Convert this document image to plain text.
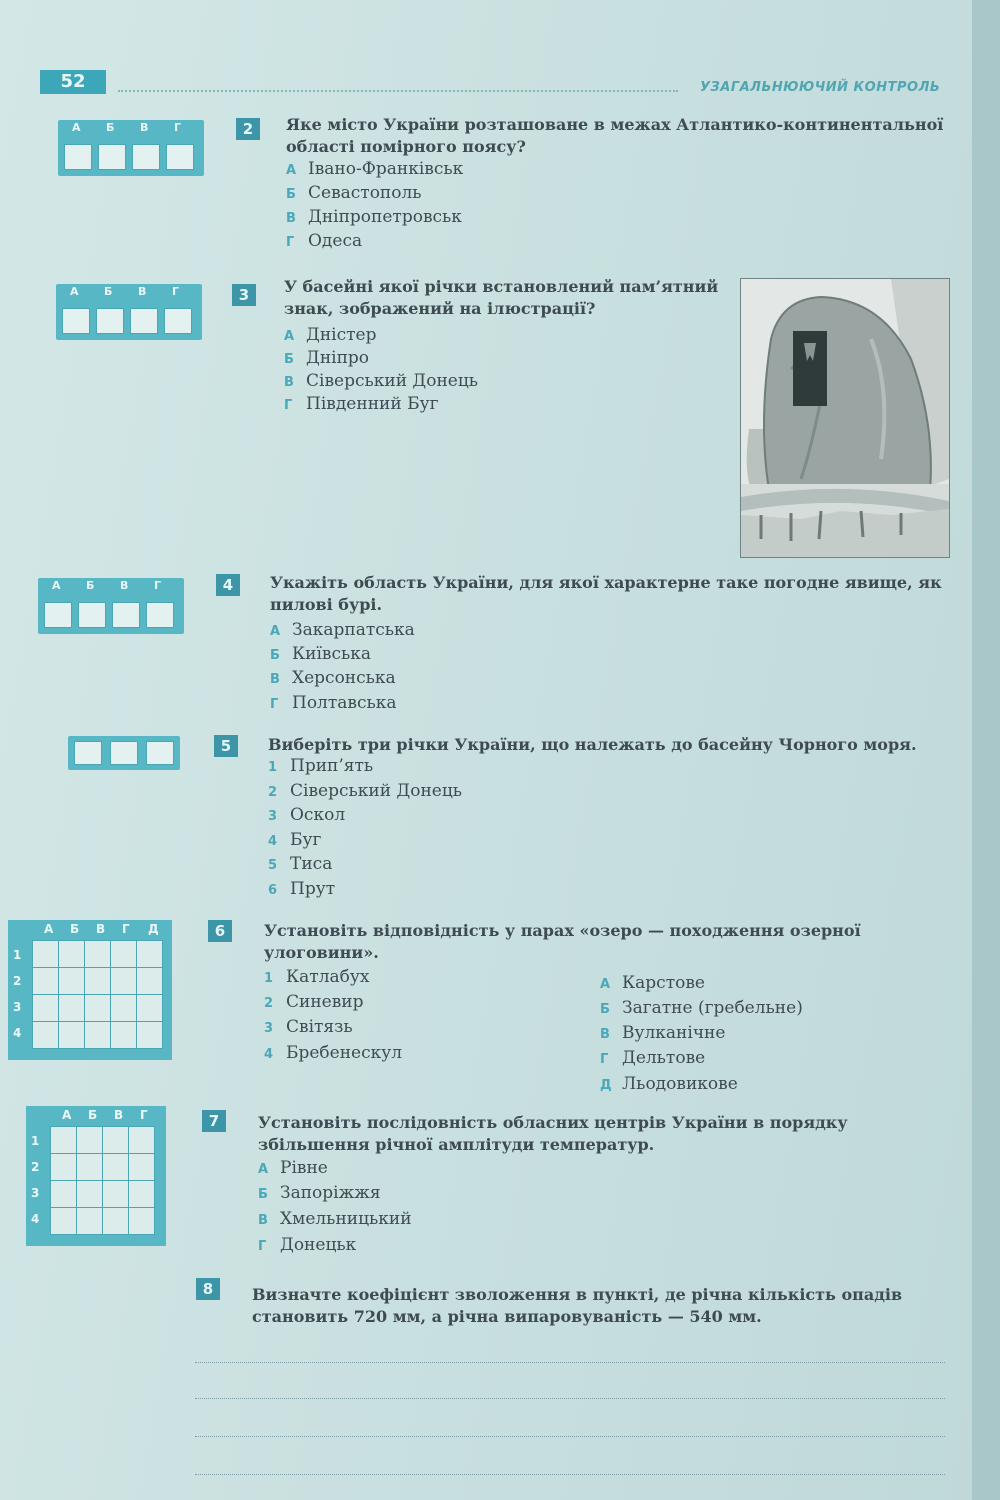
52	УЗАГАЛЬНЮЮЧИЙ КОНТРОЛЬ
А Б В Г	2	Яке місто України розташоване в межах Атлантико-континентальної області помірного поясу?
А Івано-Франківськ
Б Севастополь
В Дніпропетровськ
Г Одеса
А Б В Г	3	У басейні якої річки встановлений пам’ятний знак, зображений на ілюстрації?
А Дністер
Б Дніпро
В Сіверський Донець
Г Південний Буг
А Б В Г	4	Укажіть область України, для якої характерне таке погодне явище, як пилові бурі.
А Закарпатська
Б Київська
В Херсонська
Г Полтавська
5	Виберіть три річки України, що належать до басейну Чорного моря.
1 Прип’ять
2 Сіверський Донець
3 Оскол
4 Буг
5 Тиса
6 Прут
А Б В Г Д
1
2
3
4
6	Установіть відповідність у парах «озеро — походження озерної улоговини».
1 Катлабух
2 Синевир
3 Світязь
4 Бребенескул
А Карстове
Б Загатне (гребельне)
В Вулканічне
Г Дельтове
Д Льодовикове
А Б В Г
1
2
3
4
7	Установіть послідовність обласних центрів України в порядку збільшення річної амплітуди температур.
А Рівне
Б Запоріжжя
В Хмельницький
Г Донецьк
8	Визначте коефіцієнт зволоження в пункті, де річна кількість опадів становить 720 мм, а річна випаровуваність — 540 мм.
